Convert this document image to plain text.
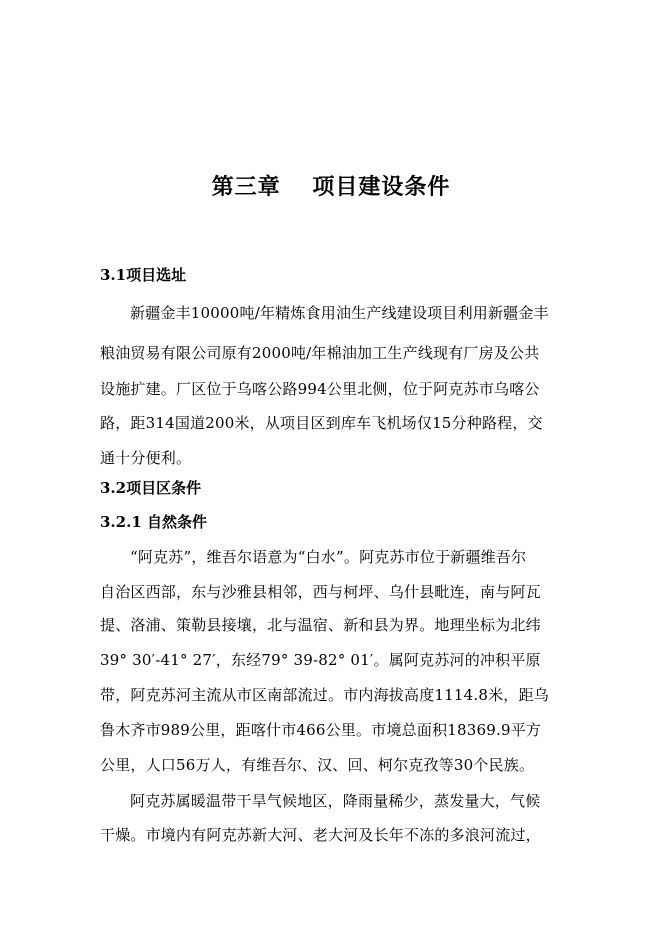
第三章　 项目建设条件
3.1项目选址
新疆金丰10000吨/年精炼食用油生产线建设项目利用新疆金丰
粮油贸易有限公司原有2000吨/年棉油加工生产线现有厂房及公共
设施扩建。厂区位于乌喀公路994公里北侧，位于阿克苏市乌喀公
路，距314国道200米，从项目区到库车飞机场仅15分种路程，交
通十分便利。
3.2项目区条件
3.2.1 自然条件
“阿克苏”，维吾尔语意为“白水”。阿克苏市位于新疆维吾尔
自治区西部，东与沙雅县相邻，西与柯坪、乌什县毗连，南与阿瓦
提、洛浦、策勒县接壤，北与温宿、新和县为界。地理坐标为北纬
39° 30′-41° 27′，东经79° 39-82° 01′。属阿克苏河的冲积平原
带，阿克苏河主流从市区南部流过。市内海拔高度1114.8米，距乌
鲁木齐市989公里，距喀什市466公里。市境总面积18369.9平方
公里，人口56万人，有维吾尔、汉、回、柯尔克孜等30个民族。
阿克苏属暖温带干旱气候地区，降雨量稀少，蒸发量大，气候
干燥。市境内有阿克苏新大河、老大河及长年不冻的多浪河流过，
